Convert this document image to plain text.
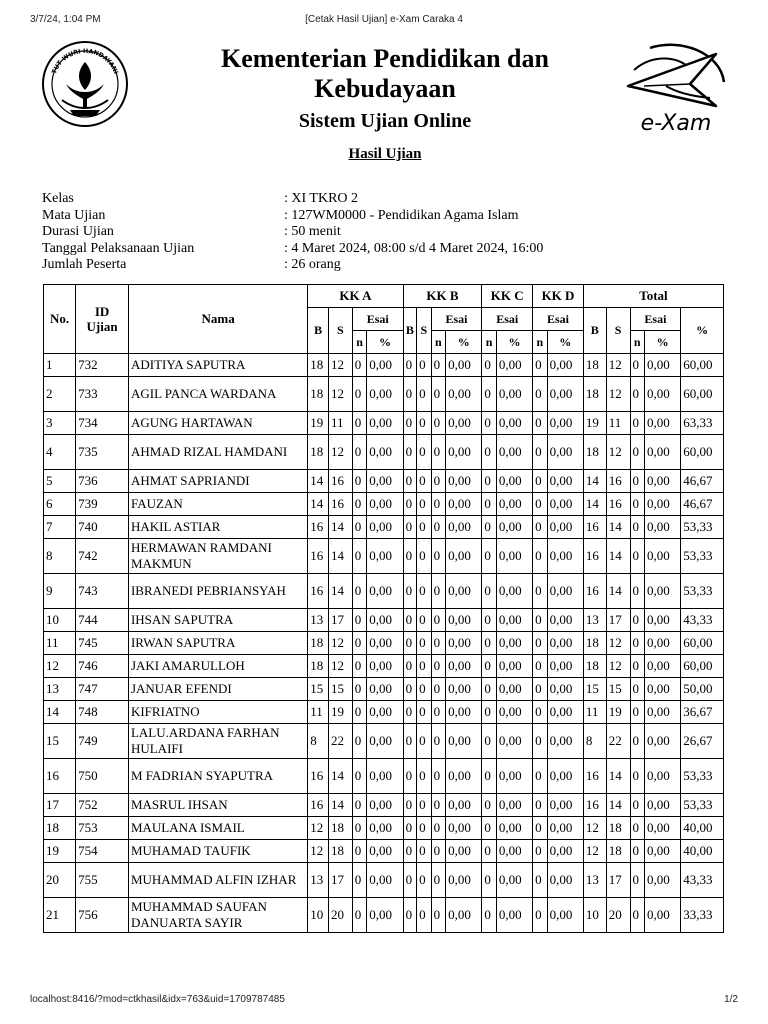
3/7/24, 1:04 PM	[Cetak Hasil Ujian] e-Xam Caraka 4
TUT WURI HANDAYANI	Kementerian Pendidikan dan Kebudayaan
Sistem Ujian Online
Hasil Ujian
e-Xam
Kelas	: XI TKRO 2
Mata Ujian	: 127WM0000 - Pendidikan Agama Islam
Durasi Ujian	: 50 menit
Tanggal Pelaksanaan Ujian	: 4 Maret 2024, 08:00 s/d 4 Maret 2024, 16:00
Jumlah Peserta	: 26 orang
No.	ID Ujian	Nama	KK A				KK B				KK C		KK D		Total				
			B	S	Esai		B	S	Esai		Esai		Esai		B	S	Esai		%
					n	%			n	%	n	%	n	%			n	%	
1	732	ADITIYA SAPUTRA	18	12	0	0,00	0	0	0	0,00	0	0,00	0	0,00	18	12	0	0,00	60,00
2	733	AGIL PANCA WARDANA	18	12	0	0,00	0	0	0	0,00	0	0,00	0	0,00	18	12	0	0,00	60,00
3	734	AGUNG HARTAWAN	19	11	0	0,00	0	0	0	0,00	0	0,00	0	0,00	19	11	0	0,00	63,33
4	735	AHMAD RIZAL HAMDANI	18	12	0	0,00	0	0	0	0,00	0	0,00	0	0,00	18	12	0	0,00	60,00
5	736	AHMAT SAPRIANDI	14	16	0	0,00	0	0	0	0,00	0	0,00	0	0,00	14	16	0	0,00	46,67
6	739	FAUZAN	14	16	0	0,00	0	0	0	0,00	0	0,00	0	0,00	14	16	0	0,00	46,67
7	740	HAKIL ASTIAR	16	14	0	0,00	0	0	0	0,00	0	0,00	0	0,00	16	14	0	0,00	53,33
8	742	HERMAWAN RAMDANI MAKMUN	16	14	0	0,00	0	0	0	0,00	0	0,00	0	0,00	16	14	0	0,00	53,33
9	743	IBRANEDI PEBRIANSYAH	16	14	0	0,00	0	0	0	0,00	0	0,00	0	0,00	16	14	0	0,00	53,33
10	744	IHSAN SAPUTRA	13	17	0	0,00	0	0	0	0,00	0	0,00	0	0,00	13	17	0	0,00	43,33
11	745	IRWAN SAPUTRA	18	12	0	0,00	0	0	0	0,00	0	0,00	0	0,00	18	12	0	0,00	60,00
12	746	JAKI AMARULLOH	18	12	0	0,00	0	0	0	0,00	0	0,00	0	0,00	18	12	0	0,00	60,00
13	747	JANUAR EFENDI	15	15	0	0,00	0	0	0	0,00	0	0,00	0	0,00	15	15	0	0,00	50,00
14	748	KIFRIATNO	11	19	0	0,00	0	0	0	0,00	0	0,00	0	0,00	11	19	0	0,00	36,67
15	749	LALU.ARDANA FARHAN HULAIFI	8	22	0	0,00	0	0	0	0,00	0	0,00	0	0,00	8	22	0	0,00	26,67
16	750	M FADRIAN SYAPUTRA	16	14	0	0,00	0	0	0	0,00	0	0,00	0	0,00	16	14	0	0,00	53,33
17	752	MASRUL IHSAN	16	14	0	0,00	0	0	0	0,00	0	0,00	0	0,00	16	14	0	0,00	53,33
18	753	MAULANA ISMAIL	12	18	0	0,00	0	0	0	0,00	0	0,00	0	0,00	12	18	0	0,00	40,00
19	754	MUHAMAD TAUFIK	12	18	0	0,00	0	0	0	0,00	0	0,00	0	0,00	12	18	0	0,00	40,00
20	755	MUHAMMAD ALFIN IZHAR	13	17	0	0,00	0	0	0	0,00	0	0,00	0	0,00	13	17	0	0,00	43,33
21	756	MUHAMMAD SAUFAN DANUARTA SAYIR	10	20	0	0,00	0	0	0	0,00	0	0,00	0	0,00	10	20	0	0,00	33,33
localhost:8416/?mod=ctkhasil&idx=763&uid=1709787485	1/2
